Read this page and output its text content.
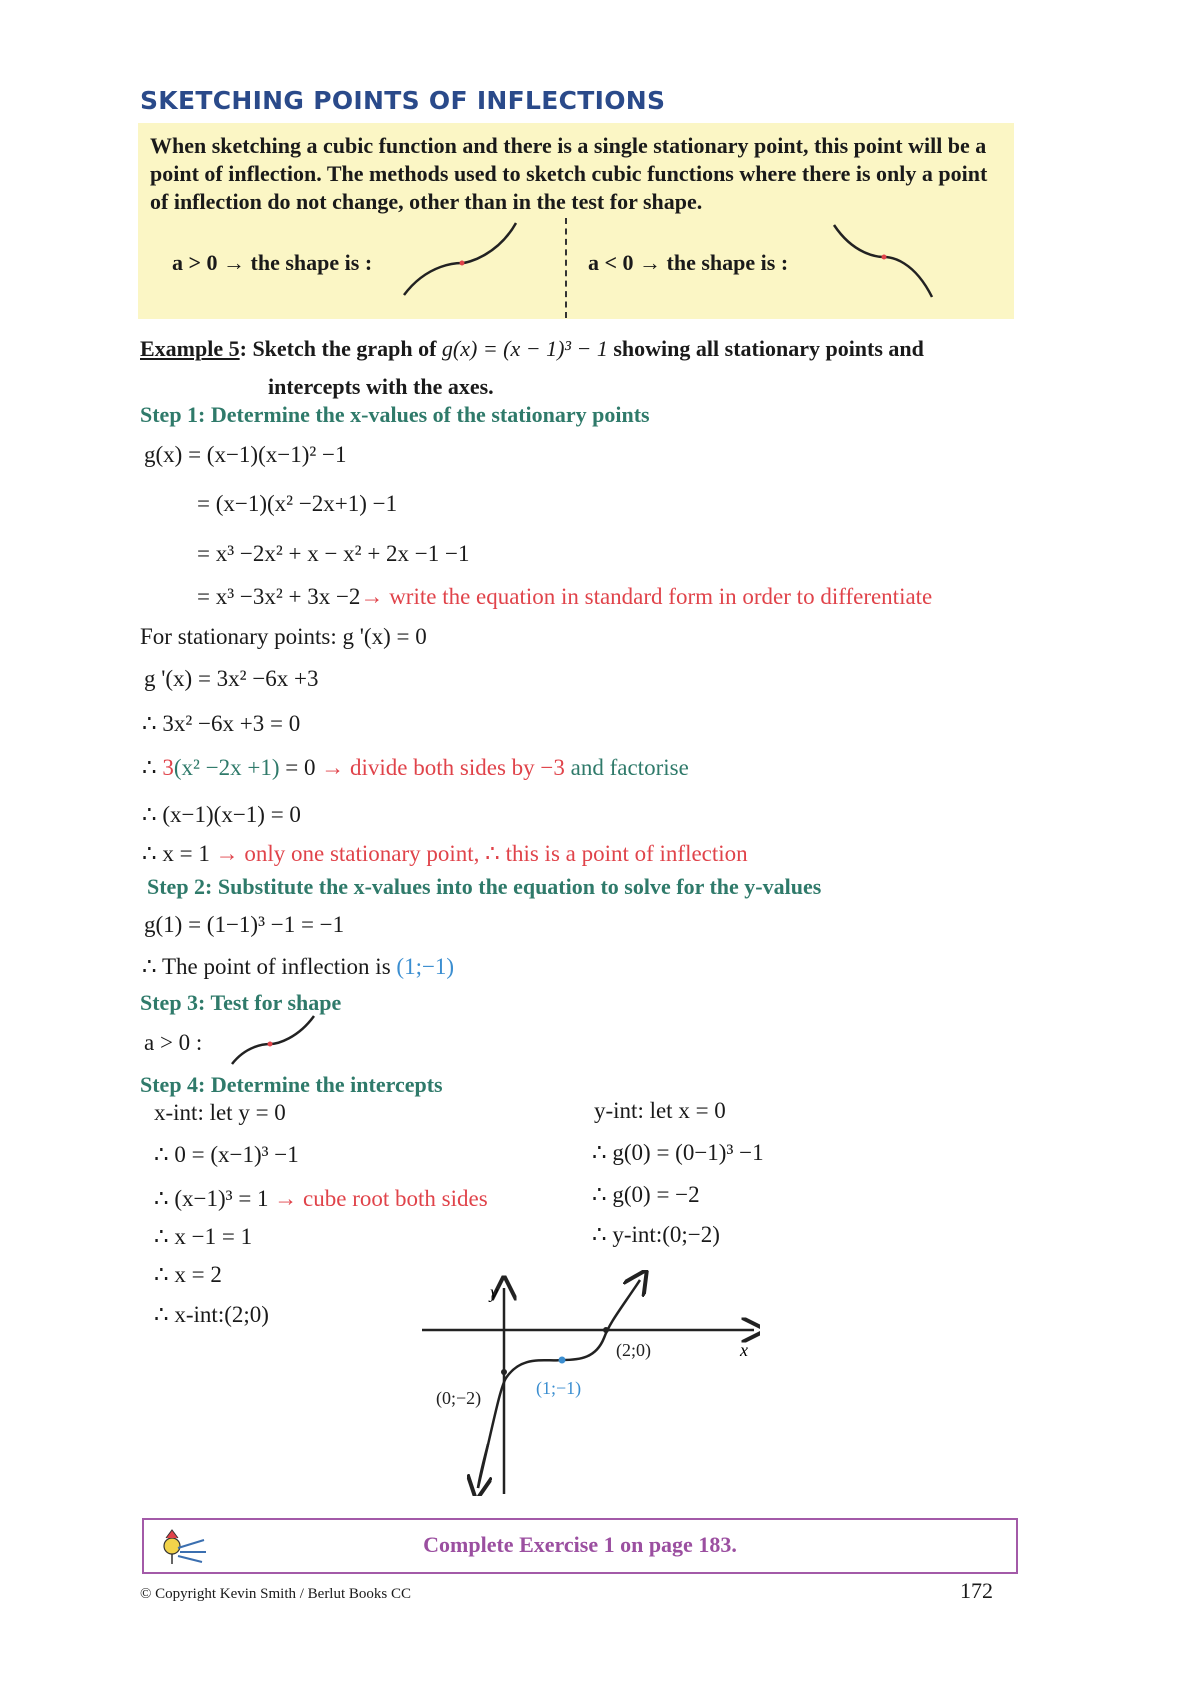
SKETCHING POINTS OF INFLECTIONS
When sketching a cubic function and there is a single stationary point, this point will be a point of inflection. The methods used to sketch cubic functions where there is only a point of inflection do not change, other than in the test for shape.
a > 0 → the shape is :	a < 0 → the shape is :
Example 5: Sketch the graph of g(x) = (x − 1)³ − 1 showing all stationary points and
intercepts with the axes.
Step 1: Determine the x-values of the stationary points
g(x) = (x−1)(x−1)² −1
= (x−1)(x² −2x+1) −1
= x³ −2x² + x − x² + 2x −1 −1
= x³ −3x² + 3x −2→ write the equation in standard form in order to differentiate
For stationary points: g '(x) = 0
g '(x) = 3x² −6x +3
∴ 3x² −6x +3 = 0
∴ 3(x² −2x +1) = 0 → divide both sides by −3 and factorise
∴ (x−1)(x−1) = 0
∴ x = 1 → only one stationary point, ∴ this is a point of inflection
Step 2: Substitute the x-values into the equation to solve for the y-values
g(1) = (1−1)³ −1 = −1
∴ The point of inflection is (1;−1)
Step 3: Test for shape
a > 0 :
Step 4: Determine the intercepts
x-int: let y = 0
∴ 0 = (x−1)³ −1
∴ (x−1)³ = 1 → cube root both sides
∴ x −1 = 1
∴ x = 2
∴ x-int:(2;0)
y-int: let x = 0
∴ g(0) = (0−1)³ −1
∴ g(0) = −2
∴ y-int:(0;−2)
y
x
(2;0)
(1;−1)
(0;−2)
Complete Exercise 1 on page 183.
© Copyright Kevin Smith / Berlut Books CC	172
